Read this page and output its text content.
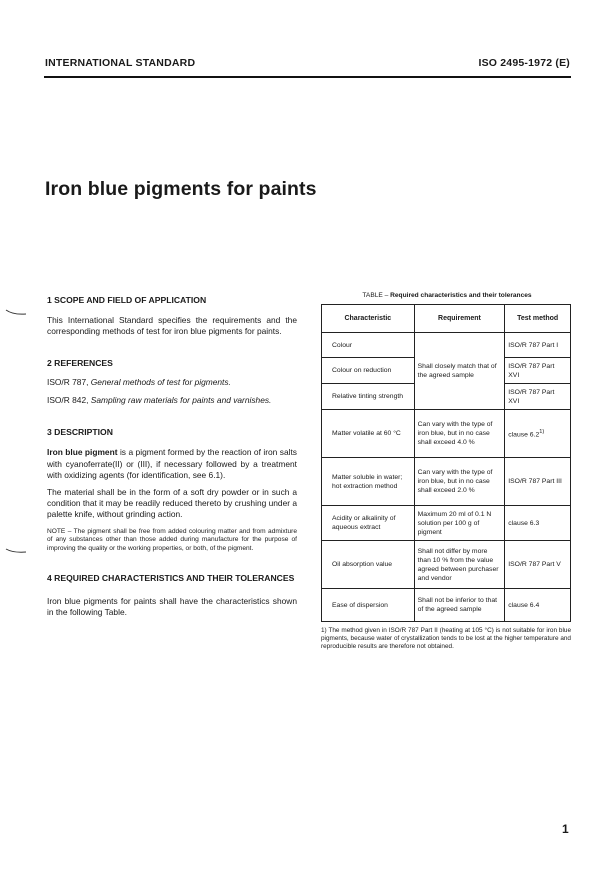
INTERNATIONAL STANDARD	ISO 2495-1972 (E)
Iron blue pigments for paints

1 SCOPE AND FIELD OF APPLICATION

This International Standard specifies the requirements and the corresponding methods of test for iron blue pigments for paints.

2 REFERENCES

ISO/R 787, General methods of test for pigments.

ISO/R 842, Sampling raw materials for paints and varnishes.

3 DESCRIPTION

Iron blue pigment is a pigment formed by the reaction of iron salts with cyanoferrate(II) or (III), if necessary followed by a treatment with oxidizing agents (for identification, see 6.1).

The material shall be in the form of a soft dry powder or in such a condition that it may be readily reduced thereto by crushing under a palette knife, without grinding action.

NOTE – The pigment shall be free from added colouring matter and from admixture of any substances other than those added during manufacture for the purpose of improving the quality or the working properties, or both, of the pigment.

4 REQUIRED CHARACTERISTICS AND THEIR TOLERANCES

Iron blue pigments for paints shall have the characteristics shown in the following Table.

TABLE – Required characteristics and their tolerances

Characteristic	Requirement	Test method
Colour	Shall closely match that of the agreed sample	ISO/R 787 Part I
Colour on reduction		ISO/R 787 Part XVI
Relative tinting strength		ISO/R 787 Part XVI
Matter volatile at 60 °C	Can vary with the type of iron blue, but in no case shall exceed 4.0 %	clause 6.2$^{1)}$
Matter soluble in water; hot extraction method	Can vary with the type of iron blue, but in no case shall exceed 2.0 %	ISO/R 787 Part III
Acidity or alkalinity of aqueous extract	Maximum 20 ml of 0.1 N solution per 100 g of pigment	clause 6.3
Oil absorption value	Shall not differ by more than 10 % from the value agreed between purchaser and vendor	ISO/R 787 Part V
Ease of dispersion	Shall not be inferior to that of the agreed sample	clause 6.4

1) The method given in ISO/R 787 Part II (heating at 105 °C) is not suitable for iron blue pigments, because water of crystallization tends to be lost at the higher temperature and reproducible results are therefore not obtained.

1
